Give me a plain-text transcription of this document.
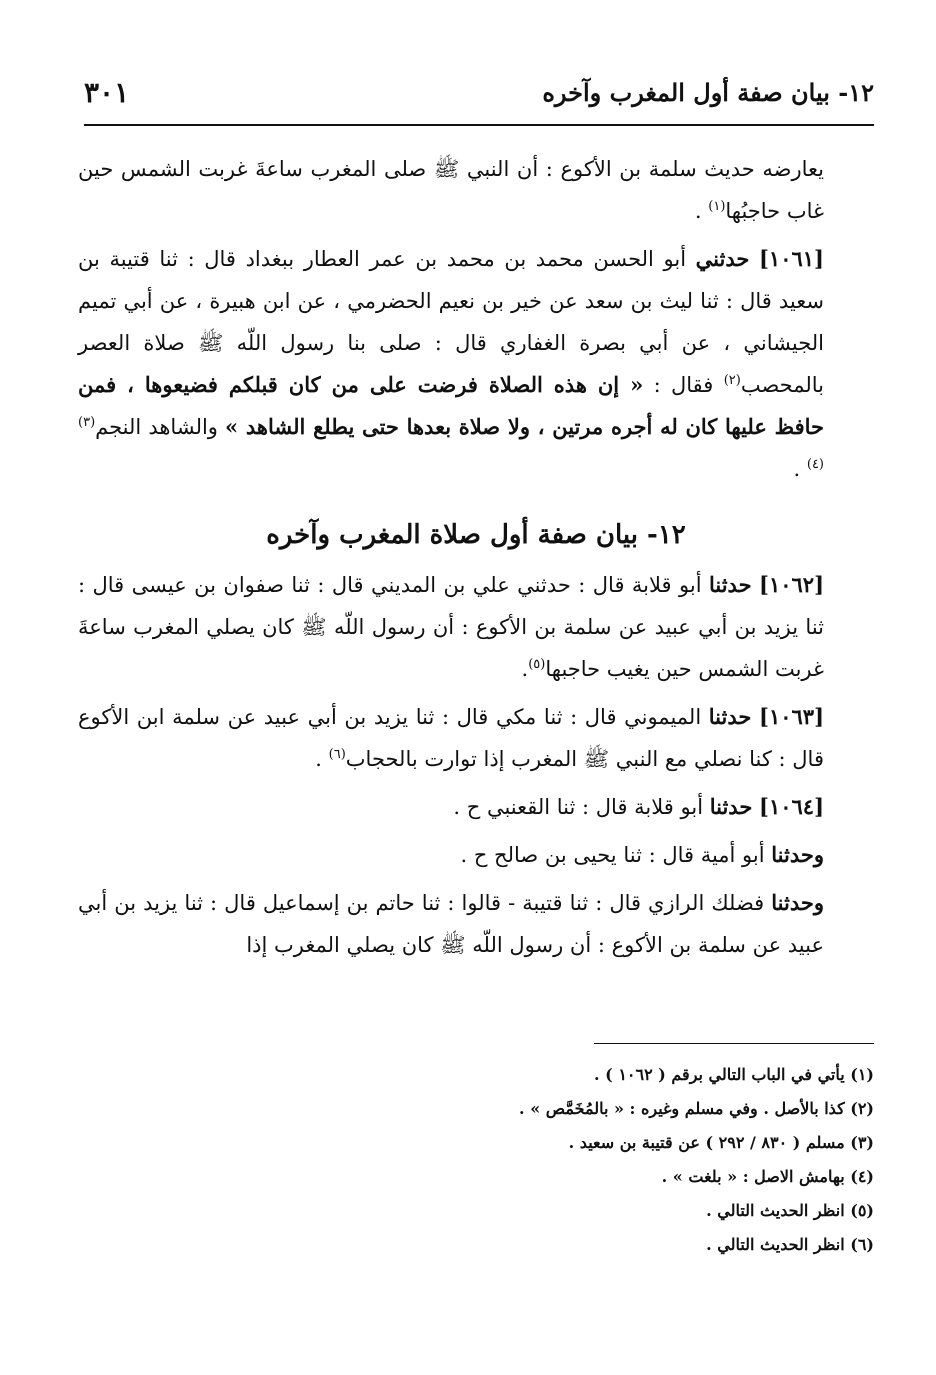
٣٠١	١٢- بيان صفة أول المغرب وآخره

يعارضه حديث سلمة بن الأكوع : أن النبي ﷺ صلى المغرب ساعةَ غربت الشمس حين غاب حاجبُها$^{(١)}$ .

[١٠٦١] حدثني أبو الحسن محمد بن محمد بن عمر العطار ببغداد قال : ثنا قتيبة بن سعيد قال : ثنا ليث بن سعد عن خير بن نعيم الحضرمي ، عن ابن هبيرة ، عن أبي تميم الجيشاني ، عن أبي بصرة الغفاري قال : صلى بنا رسول اللّه ﷺ صلاة العصر بالمحصب$^{(٢)}$ فقال : « إن هذه الصلاة فرضت على من كان قبلكم فضيعوها ، فمن حافظ عليها كان له أجره مرتين ، ولا صلاة بعدها حتى يطلع الشاهد » والشاهد النجم$^{(٣)(٤)}$ .

١٢- بيان صفة أول صلاة المغرب وآخره

[١٠٦٢] حدثنا أبو قلابة قال : حدثني علي بن المديني قال : ثنا صفوان بن عيسى قال : ثنا يزيد بن أبي عبيد عن سلمة بن الأكوع : أن رسول اللّه ﷺ كان يصلي المغرب ساعةَ غربت الشمس حين يغيب حاجبها$^{(٥)}$.

[١٠٦٣] حدثنا الميموني قال : ثنا مكي قال : ثنا يزيد بن أبي عبيد عن سلمة ابن الأكوع قال : كنا نصلي مع النبي ﷺ المغرب إذا توارت بالحجاب$^{(٦)}$ .

[١٠٦٤] حدثنا أبو قلابة قال : ثنا القعنبي ح .

وحدثنا أبو أمية قال : ثنا يحيى بن صالح ح .

وحدثنا فضلك الرازي قال : ثنا قتيبة - قالوا : ثنا حاتم بن إسماعيل قال : ثنا يزيد بن أبي عبيد عن سلمة بن الأكوع : أن رسول اللّه ﷺ كان يصلي المغرب إذا

(١) يأتي في الباب التالي برقم ( ١٠٦٢ ) .

(٢) كذا بالأصل . وفي مسلم وغيره : « بالمُخَمَّص » .

(٣) مسلم ( ٨٣٠ / ٢٩٢ ) عن قتيبة بن سعيد .

(٤) بهامش الاصل : « بلغت » .

(٥) انظر الحديث التالي .

(٦) انظر الحديث التالي .
